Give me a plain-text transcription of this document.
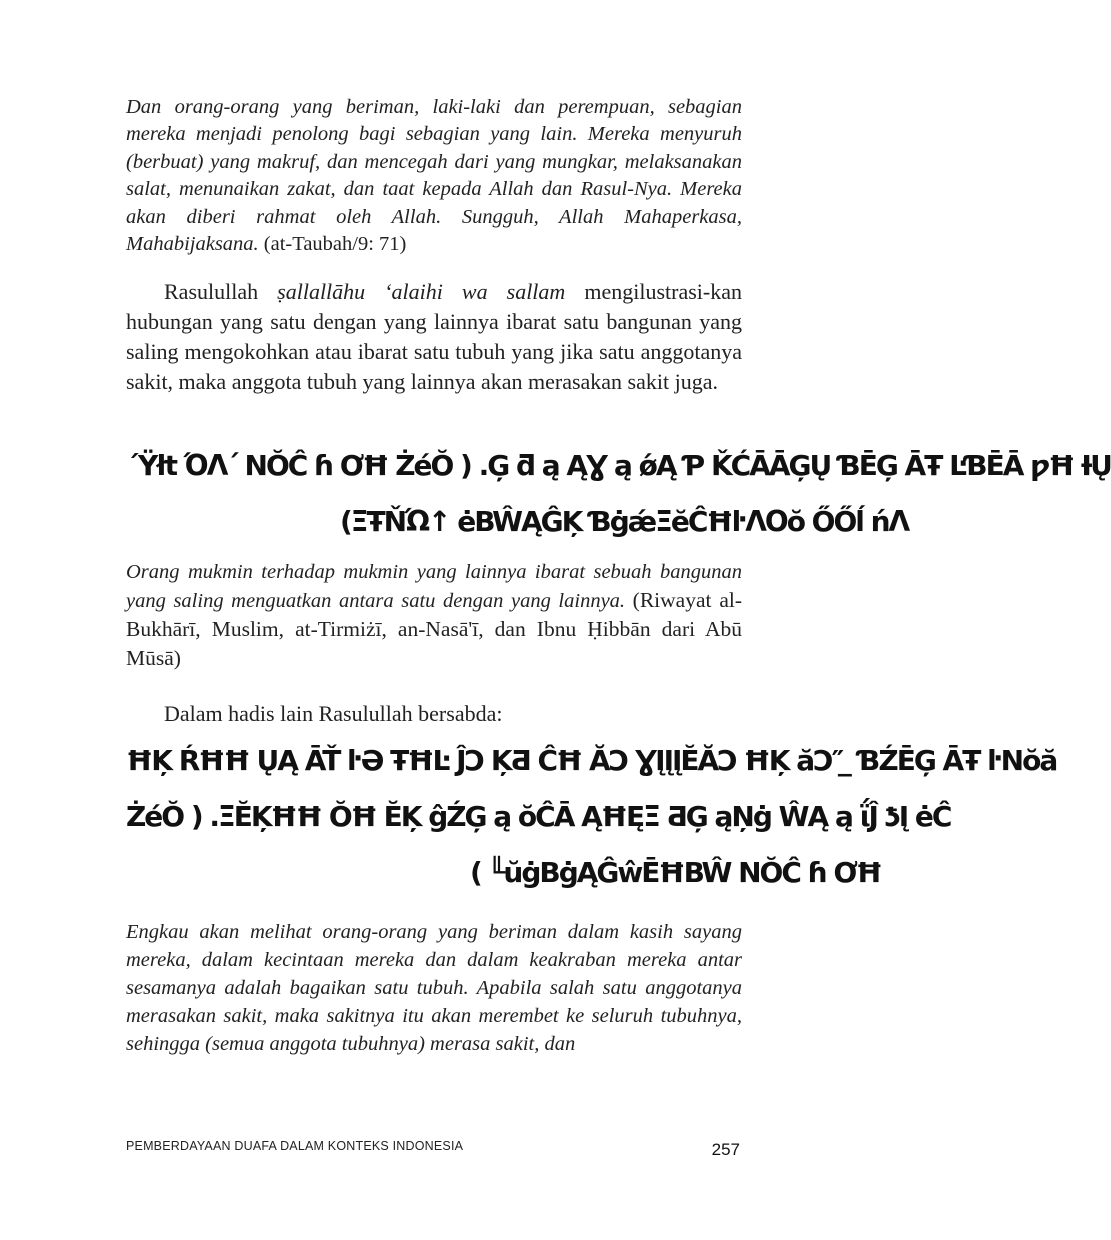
Dan orang-orang yang beriman, laki-laki dan perempuan, sebagian mereka menjadi penolong bagi sebagian yang lain. Mereka menyuruh (berbuat) yang makruf, dan mencegah dari yang mungkar, melaksanakan salat, menunaikan zakat, dan taat kepada Allah dan Rasul-Nya. Mereka akan diberi rahmat oleh Allah. Sungguh, Allah Mahaperkasa, Mahabijaksana. (at-Taubah/9: 71)

Rasulullah ṣallallāhu ‘alaihi wa sallam mengilustrasi-kan hubungan yang satu dengan yang lainnya ibarat satu bangunan yang saling mengokohkan atau ibarat satu tubuh yang jika satu anggotanya sakit, maka anggota tubuh yang lainnya akan merasakan sakit juga.

´Ÿłt ΌΛ΄ NŎĈ ɦ ƠĦ ŻéŎ ) .Ģ ƌ ą ĄƔ ą ǿĄ Ƥ ǨĆĀĀĢŲ ƁĒĢ ĀŦ ĿƁĒĀ ƿĦ ƗŲ
(ΞŦŇΏ↑ ėBŴĄĜĶ ƁġǽΞĕĈĦŀΛΟŏ ŐŐĺ ńΛ

Orang mukmin terhadap mukmin yang lainnya ibarat sebuah bangunan yang saling menguatkan antara satu dengan yang lainnya. (Riwayat al-Bukhārī, Muslim, at-Tirmiżī, an-Nasā'ī, dan Ibnu Ḥibbān dari Abū Mūsā)

Dalam hadis lain Rasulullah bersabda:

ĦĶ ŔĦĦ ŲĄ ĀŤ ŀƏ ŦĦĿ ĴƆ ĶƋ ĈĦ ĂƆ ƔĮĮĮĔĂƆ ĦĶ ăƆ″ ̲ ƁŹĒĢ ĀŦ ŀNŏă
ŻéŎ ) .ΞĔĶĦĦ ŎĦ ĔĶ ĝŹĢ ą ŏĈĀ ĄĦĘΞ ƋĢ ąŅġ ŴĄ ą ΐĴ ƾĮ ėĈ
( ╙ŭġBġĄĜŵĒĦBŴ NŎĈ ɦ ƠĦ

Engkau akan melihat orang-orang yang beriman dalam kasih sayang mereka, dalam kecintaan mereka dan dalam keakraban mereka antar sesamanya adalah bagaikan satu tubuh. Apabila salah satu anggotanya merasakan sakit, maka sakitnya itu akan merembet ke seluruh tubuhnya, sehingga (semua anggota tubuhnya) merasa sakit, dan

PEMBERDAYAAN DUAFA DALAM KONTEKS INDONESIA	257
